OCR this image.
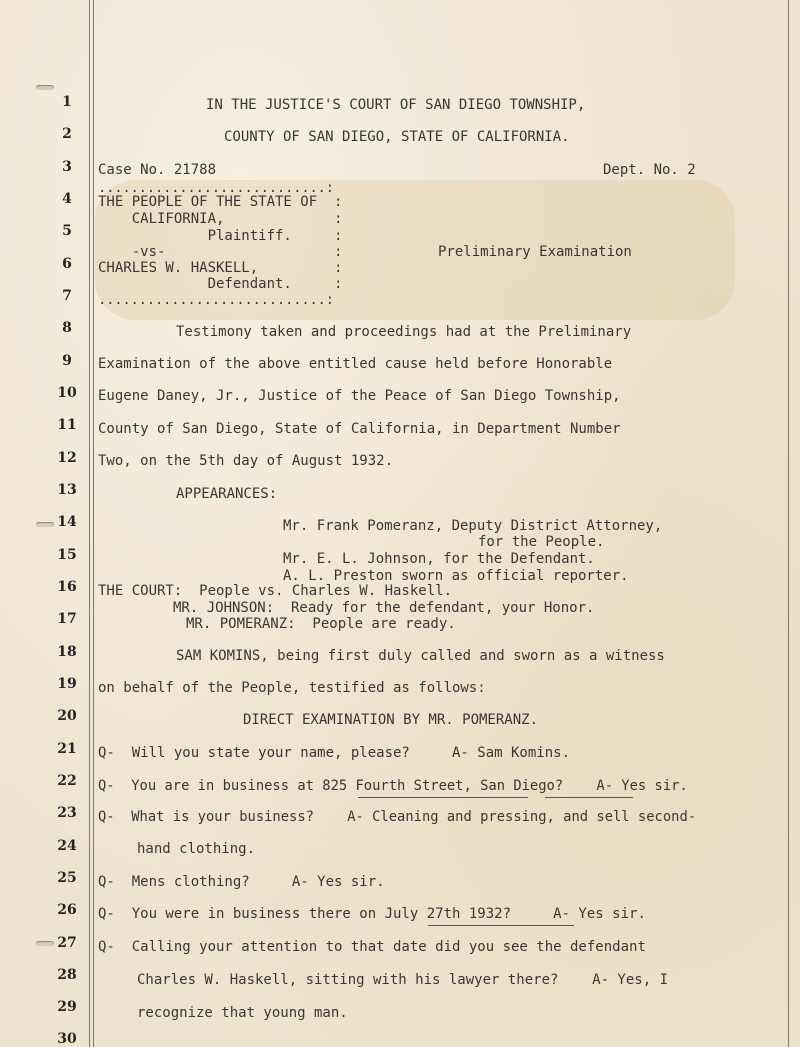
1
2
3
4
5
6
7
8
9
10
11
12
13
14
15
16
17
18
19
20
21
22
23
24
25
26
27
28
29
30
IN THE JUSTICE'S COURT OF SAN DIEGO TOWNSHIP,
COUNTY OF SAN DIEGO, STATE OF CALIFORNIA.
Case No. 21788	Dept. No. 2
............................:
THE PEOPLE OF THE STATE OF  :
CALIFORNIA,             :
Plaintiff.     :
-vs-                    :
CHARLES W. HASKELL,         :
Defendant.     :
............................:
Preliminary Examination
Testimony taken and proceedings had at the Preliminary
Examination of the above entitled cause held before Honorable
Eugene Daney, Jr., Justice of the Peace of San Diego Township,
County of San Diego, State of California, in Department Number
Two, on the 5th day of August 1932.
APPEARANCES:
Mr. Frank Pomeranz, Deputy District Attorney,
for the People.
Mr. E. L. Johnson, for the Defendant.
A. L. Preston sworn as official reporter.
THE COURT:  People vs. Charles W. Haskell.
MR. JOHNSON:  Ready for the defendant, your Honor.
MR. POMERANZ:  People are ready.
SAM KOMINS, being first duly called and sworn as a witness
on behalf of the People, testified as follows:
DIRECT EXAMINATION BY MR. POMERANZ.
Q-  Will you state your name, please?     A- Sam Komins.
Q-  You are in business at 825 Fourth Street, San Diego?    A- Yes sir.
Q-  What is your business?    A- Cleaning and pressing, and sell second-
hand clothing.
Q-  Mens clothing?     A- Yes sir.
Q-  You were in business there on July 27th 1932?     A- Yes sir.
Q-  Calling your attention to that date did you see the defendant
Charles W. Haskell, sitting with his lawyer there?    A- Yes, I
recognize that young man.
